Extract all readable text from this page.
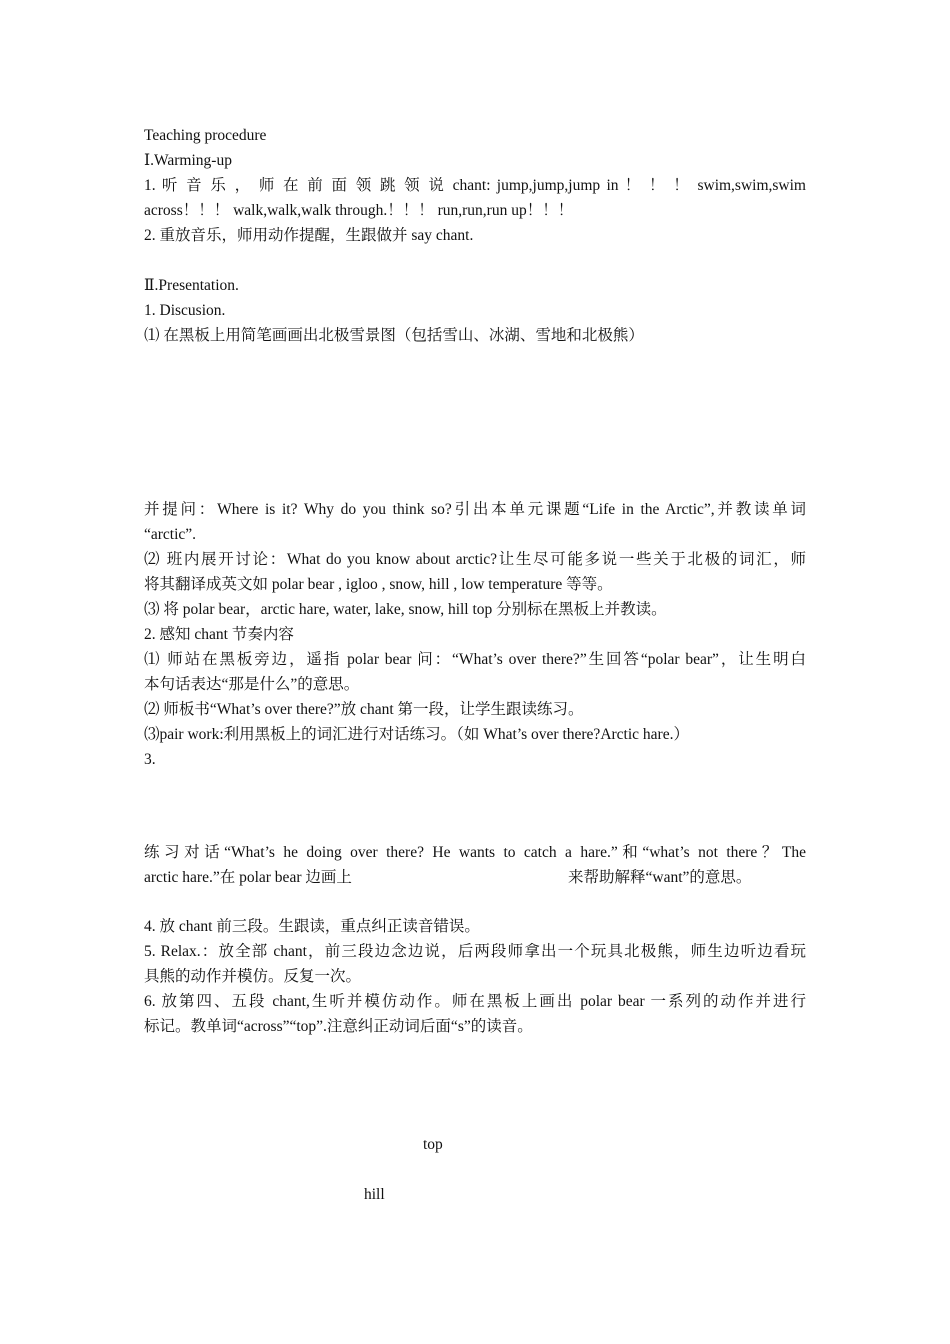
Teaching procedure
Ⅰ.Warming-up
1. 听 音 乐 ， 师 在 前 面 领 跳 领 说 chant: jump,jump,jump in ！ ！ ！ swim,swim,swim
across！！！ walk,walk,walk through.！！！ run,run,run up！！！
2. 重放音乐，师用动作提醒，生跟做并 say chant.
Ⅱ.Presentation.
1. Discusion.
⑴ 在黑板上用简笔画画出北极雪景图（包括雪山、冰湖、雪地和北极熊）
并提问：Where is it? Why do you think so?引出本单元课题“Life in the Arctic”,并教读单词
“arctic”.
⑵ 班内展开讨论：What do you know about arctic?让生尽可能多说一些关于北极的词汇，师
将其翻译成英文如 polar bear , igloo , snow, hill , low temperature 等等。
⑶ 将 polar bear，arctic hare, water, lake, snow, hill top 分别标在黑板上并教读。
2. 感知 chant 节奏内容
⑴ 师站在黑板旁边，遥指 polar bear 问：“What’s over there?”生回答“polar bear”，让生明白
本句话表达“那是什么”的意思。
⑵ 师板书“What’s over there?”放 chant 第一段，让学生跟读练习。
⑶pair work:利用黑板上的词汇进行对话练习。（如 What’s over there?Arctic hare.）
3.
练习对话“What’s he doing over there? He wants to catch a hare.”和“what’s not there？The
arctic hare.”在 polar bear 边画上	来帮助解释“want”的意思。
4. 放 chant 前三段。生跟读，重点纠正读音错误。
5. Relax.：放全部 chant，前三段边念边说，后两段师拿出一个玩具北极熊，师生边听边看玩
具熊的动作并模仿。反复一次。
6. 放第四、五段 chant,生听并模仿动作。师在黑板上画出 polar bear 一系列的动作并进行
标记。教单词“across”“top”.注意纠正动词后面“s”的读音。
top
hill
